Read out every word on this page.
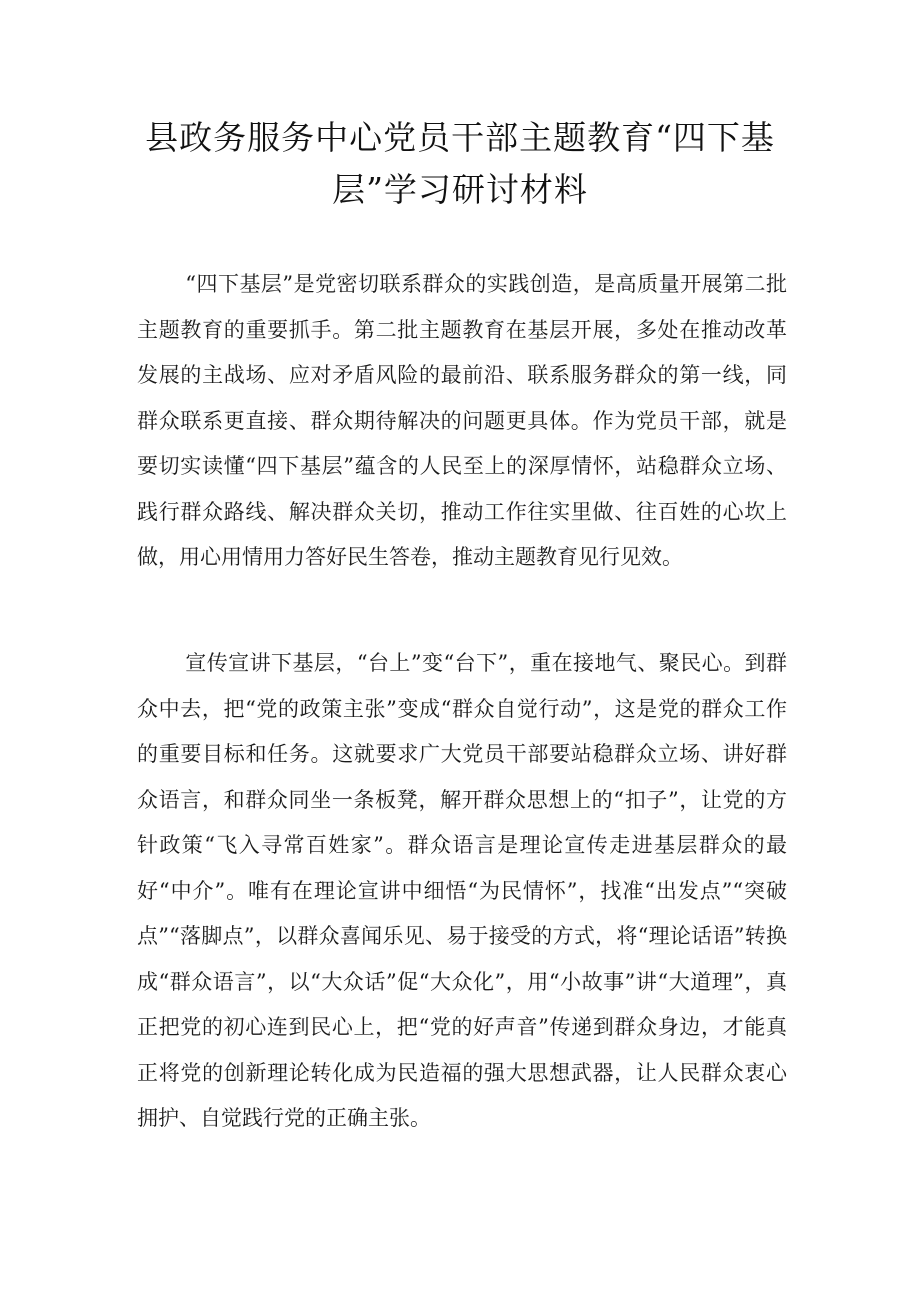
县政务服务中心党员干部主题教育“四下基层”学习研讨材料

“四下基层”是党密切联系群众的实践创造，是高质量开展第二批主题教育的重要抓手。第二批主题教育在基层开展，多处在推动改革发展的主战场、应对矛盾风险的最前沿、联系服务群众的第一线，同群众联系更直接、群众期待解决的问题更具体。作为党员干部，就是要切实读懂“四下基层”蕴含的人民至上的深厚情怀，站稳群众立场、践行群众路线、解决群众关切，推动工作往实里做、往百姓的心坎上做，用心用情用力答好民生答卷，推动主题教育见行见效。

宣传宣讲下基层，“台上”变“台下”，重在接地气、聚民心。到群众中去，把“党的政策主张”变成“群众自觉行动”，这是党的群众工作的重要目标和任务。这就要求广大党员干部要站稳群众立场、讲好群众语言，和群众同坐一条板凳，解开群众思想上的“扣子”，让党的方针政策“飞入寻常百姓家”。群众语言是理论宣传走进基层群众的最好“中介”。唯有在理论宣讲中细悟“为民情怀”，找准“出发点”“突破点”“落脚点”，以群众喜闻乐见、易于接受的方式，将“理论话语”转换成“群众语言”，以“大众话”促“大众化”，用“小故事”讲“大道理”，真正把党的初心连到民心上，把“党的好声音”传递到群众身边，才能真正将党的创新理论转化成为民造福的强大思想武器，让人民群众衷心拥护、自觉践行党的正确主张。
